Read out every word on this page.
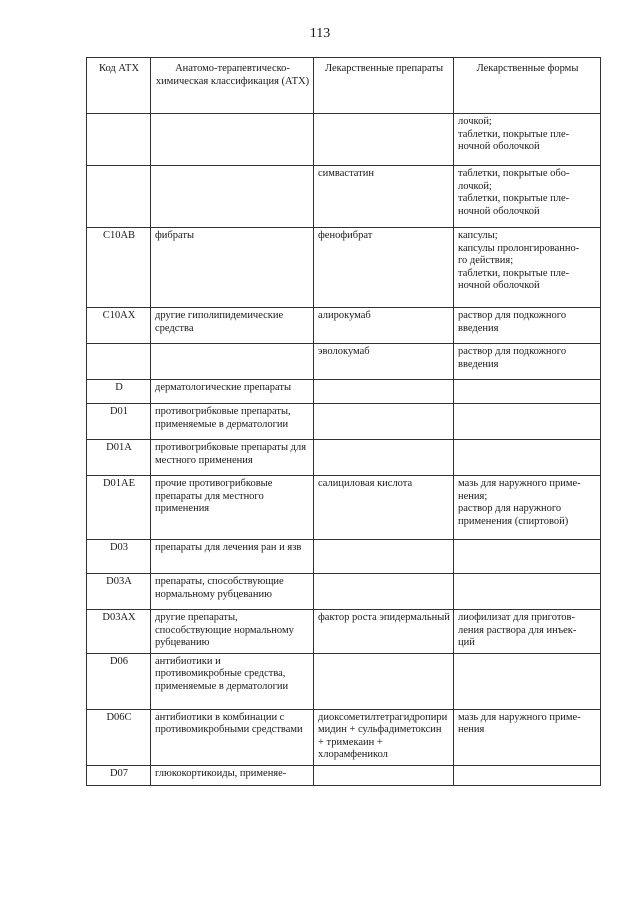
113
Код АТХ	Анатомо-терапевтическо-химическая классификация (АТХ)	Лекарственные препараты	Лекарственные формы

			лочкой;
таблетки, покрытые пле-
ночной оболочкой

		симвастатин	таблетки, покрытые обо-
лочкой;
таблетки, покрытые пле-
ночной оболочкой

C10AB	фибраты	фенофибрат	капсулы;
капсулы пролонгированно-
го действия;
таблетки, покрытые пле-
ночной оболочкой

C10AX	другие гиполипидемические средства	алирокумаб	раствор для подкожного
введения

		эволокумаб	раствор для подкожного
введения

D	дерматологические препараты		
D01	противогрибковые препараты, применяемые в дерматологии		
D01A	противогрибковые препараты для местного применения		
D01AE	прочие противогрибковые препараты для местного применения	салициловая кислота	мазь для наружного приме-
нения;
раствор для наружного
применения (спиртовой)

D03	препараты для лечения ран и язв		
D03A	препараты, способствующие нормальному рубцеванию		
D03AX	другие препараты, способствующие нормальному рубцеванию	фактор роста эпидермальный	лиофилизат для приготов-
ления раствора для инъек-
ций

D06	антибиотики и противомикробные средства, применяемые в дерматологии		
D06C	антибиотики в комбинации с противомикробными средствами	диоксометилтетрагидропиримидин + сульфадиметоксин + тримекаин + хлорамфеникол	мазь для наружного приме-
нения

D07	глюкокортикоиды, применяе-		
